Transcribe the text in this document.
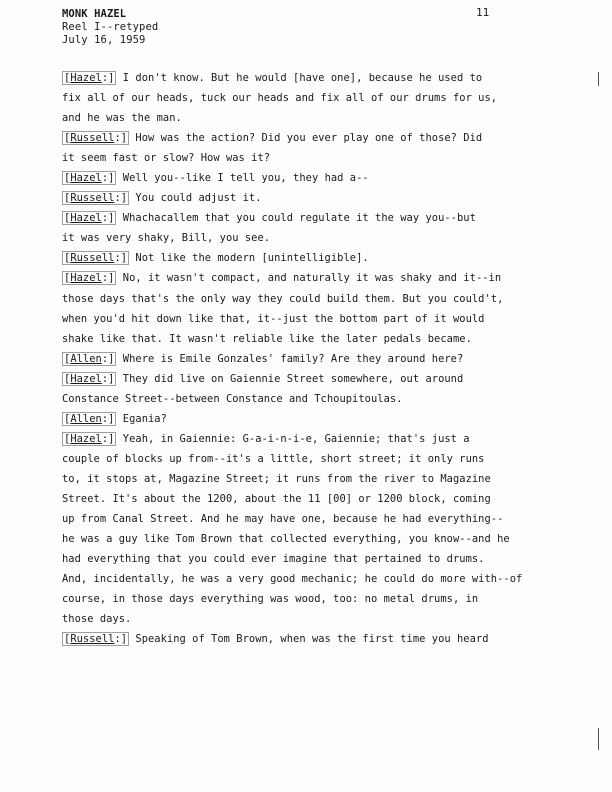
MONK HAZEL
Reel I--retyped
July 16, 1959
11
[Hazel:] I don't know. But he would [have one], because he used to
fix all of our heads, tuck our heads and fix all of our drums for us,
and he was the man.
[Russell:] How was the action? Did you ever play one of those? Did
it seem fast or slow? How was it?
[Hazel:] Well you--like I tell you, they had a--
[Russell:] You could adjust it.
[Hazel:] Whachacallem that you could regulate it the way you--but
it was very shaky, Bill, you see.
[Russell:] Not like the modern [unintelligible].
[Hazel:] No, it wasn't compact, and naturally it was shaky and it--in
those days that's the only way they could build them. But you could't,
when you'd hit down like that, it--just the bottom part of it would
shake like that. It wasn't reliable like the later pedals became.
[Allen:] Where is Emile Gonzales' family? Are they around here?
[Hazel:] They did live on Gaiennie Street somewhere, out around
Constance Street--between Constance and Tchoupitoulas.
[Allen:] Egania?
[Hazel:] Yeah, in Gaiennie: G-a-i-n-i-e, Gaiennie; that's just a
couple of blocks up from--it's a little, short street; it only runs
to, it stops at, Magazine Street; it runs from the river to Magazine
Street. It's about the 1200, about the 11 [00] or 1200 block, coming
up from Canal Street. And he may have one, because he had everything--
he was a guy like Tom Brown that collected everything, you know--and he
had everything that you could ever imagine that pertained to drums.
And, incidentally, he was a very good mechanic; he could do more with--of
course, in those days everything was wood, too: no metal drums, in
those days.
[Russell:] Speaking of Tom Brown, when was the first time you heard
